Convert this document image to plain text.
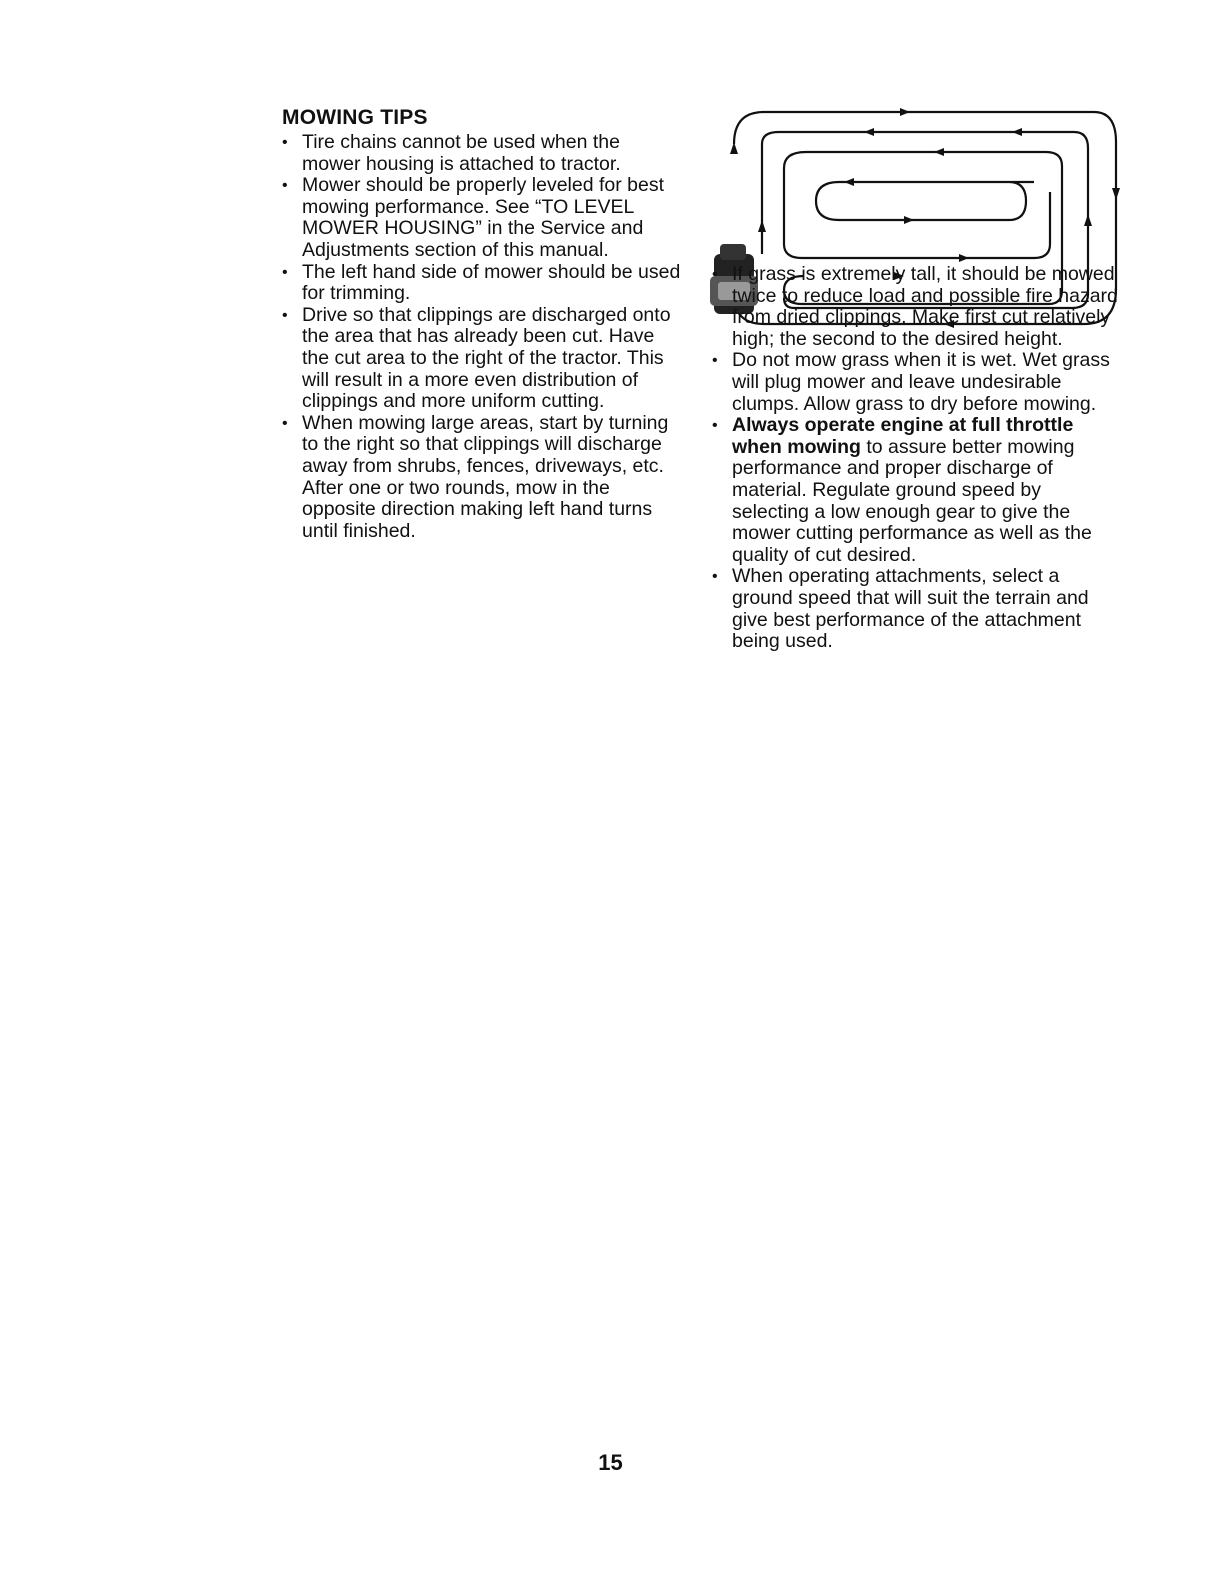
MOWING TIPS
• Tire chains cannot be used when the mower housing is attached to tractor.
• Mower should be properly leveled for best mowing performance. See “TO LEVEL MOWER HOUSING” in the Service and Adjustments section of this manual.
• The left hand side of mower should be used for trimming.
• Drive so that clippings are discharged onto the area that has already been cut. Have the cut area to the right of the tractor. This will result in a more even distribution of clippings and more uniform cutting.
• When mowing large areas, start by turning to the right so that clippings will discharge away from shrubs, fences, driveways, etc. After one or two rounds, mow in the opposite direction making left hand turns until finished.
• If grass is extremely tall, it should be mowed twice to reduce load and possible fire hazard from dried clippings. Make first cut relatively high; the second to the desired height.
• Do not mow grass when it is wet. Wet grass will plug mower and leave undesirable clumps. Allow grass to dry before mowing.
• Always operate engine at full throttle when mowing to assure better mowing performance and proper discharge of material. Regulate ground speed by selecting a low enough gear to give the mower cutting performance as well as the quality of cut desired.
• When operating attachments, select a ground speed that will suit the terrain and give best performance of the attachment being used.
15
